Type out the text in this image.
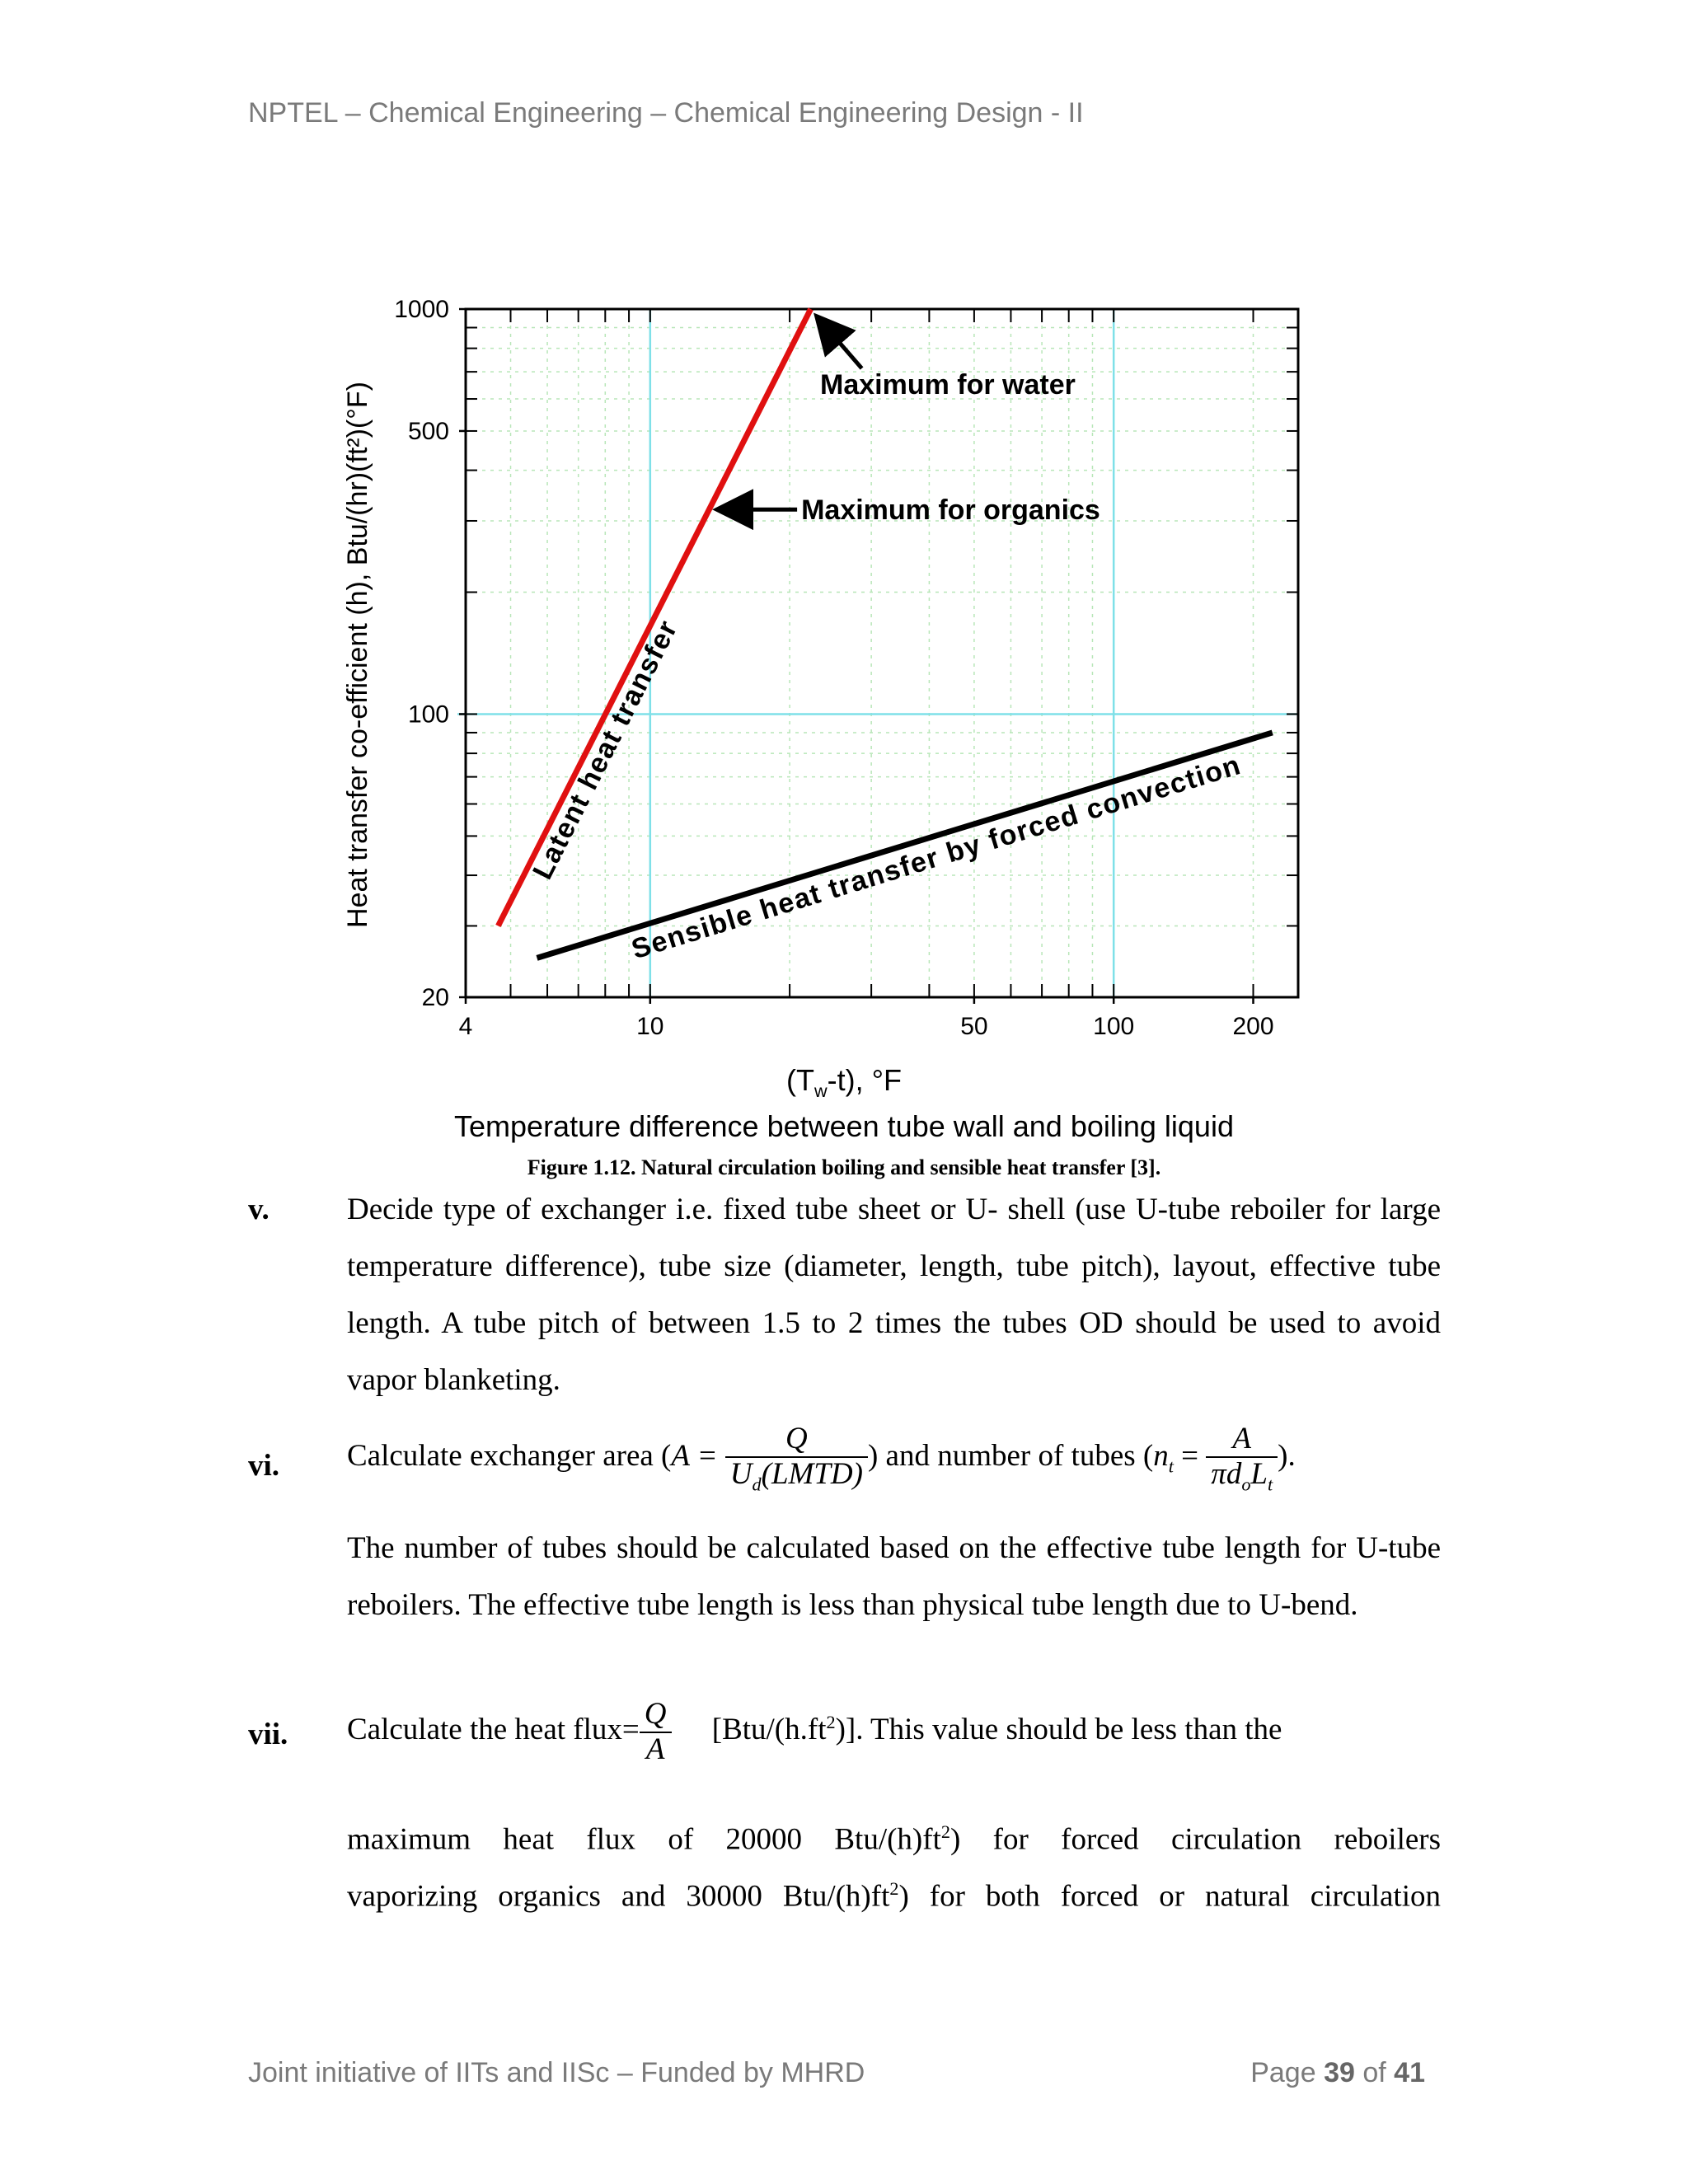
NPTEL – Chemical Engineering – Chemical Engineering Design - II
4	10	50	100	200
20
100
500
1000
Latent heat transfer
Sensible heat transfer by forced convection
Maximum for water
Maximum for organics
Heat transfer co-efficient (h), Btu/(hr)(ft²)(°F)
$(T_w-t)$, °F
Temperature difference between tube wall and boiling liquid
Figure 1.12. Natural circulation boiling and sensible heat transfer [3].
v.	Decide type of exchanger i.e. fixed tube sheet or U- shell (use U-tube reboiler for large temperature difference), tube size (diameter, length, tube pitch), layout, effective tube length. A tube pitch of between 1.5 to 2 times the tubes OD should be used to avoid vapor blanketing.
vi.	Calculate exchanger area ($A = \frac{Q}{U_d(LMTD)}$ ) and number of tubes ($n_t = \frac{A}{\pi d_oL_t}$ ).
The number of tubes should be calculated based on the effective tube length for U-tube reboilers. The effective tube length is less than physical tube length due to U-bend.
vii.	Calculate the heat flux= $\frac{Q}{A} [Btu/(h.ft^2)]$. This value should be less than the
maximum heat flux of 20000 Btu/$(h)ft^2$) for forced circulation reboilers
vaporizing organics and 30000 Btu/$(h)ft^2$) for both forced or natural circulation
Joint initiative of IITs and IISc – Funded by MHRD	Page 39 of 41
